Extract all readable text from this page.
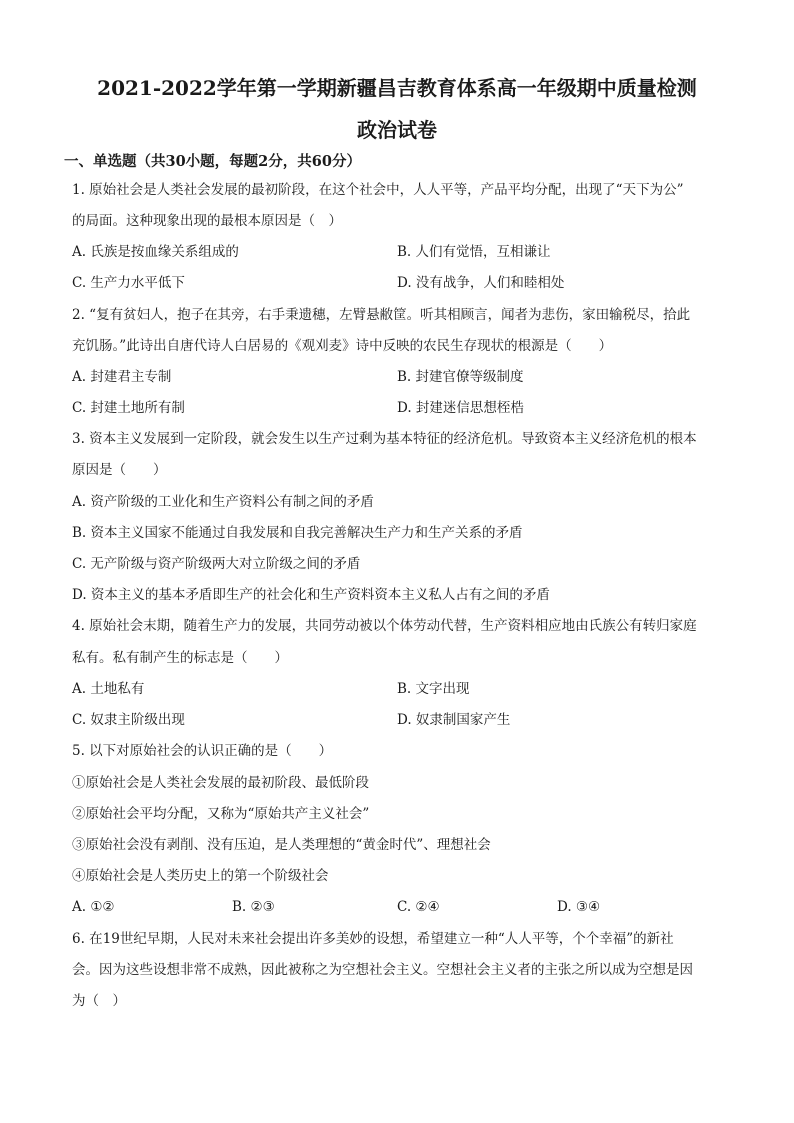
2021-2022学年第一学期新疆昌吉教育体系高一年级期中质量检测
政治试卷
一、单选题（共30小题，每题2分，共60分）
1. 原始社会是人类社会发展的最初阶段，在这个社会中，人人平等，产品平均分配，出现了“天下为公”
的局面。这种现象出现的最根本原因是（　）
A. 氏族是按血缘关系组成的	B. 人们有觉悟，互相谦让
C. 生产力水平低下	D. 没有战争，人们和睦相处
2. “复有贫妇人，抱子在其旁，右手秉遗穗，左臂悬敝筐。听其相顾言，闻者为悲伤，家田输税尽，拾此
充饥肠。”此诗出自唐代诗人白居易的《观刈麦》诗中反映的农民生存现状的根源是（　　）
A. 封建君主专制	B. 封建官僚等级制度
C. 封建土地所有制	D. 封建迷信思想桎梏
3. 资本主义发展到一定阶段，就会发生以生产过剩为基本特征的经济危机。导致资本主义经济危机的根本
原因是（　　）
A. 资产阶级的工业化和生产资料公有制之间的矛盾
B. 资本主义国家不能通过自我发展和自我完善解决生产力和生产关系的矛盾
C. 无产阶级与资产阶级两大对立阶级之间的矛盾
D. 资本主义的基本矛盾即生产的社会化和生产资料资本主义私人占有之间的矛盾
4. 原始社会末期，随着生产力的发展，共同劳动被以个体劳动代替，生产资料相应地由氏族公有转归家庭
私有。私有制产生的标志是（　　）
A. 土地私有	B. 文字出现
C. 奴隶主阶级出现	D. 奴隶制国家产生
5. 以下对原始社会的认识正确的是（　　）
①原始社会是人类社会发展的最初阶段、最低阶段
②原始社会平均分配，又称为“原始共产主义社会”
③原始社会没有剥削、没有压迫，是人类理想的“黄金时代”、理想社会
④原始社会是人类历史上的第一个阶级社会
A. ①②	B. ②③	C. ②④	D. ③④
6. 在19世纪早期，人民对未来社会提出许多美妙的设想，希望建立一种“人人平等，个个幸福”的新社
会。因为这些设想非常不成熟，因此被称之为空想社会主义。空想社会主义者的主张之所以成为空想是因
为（　）
